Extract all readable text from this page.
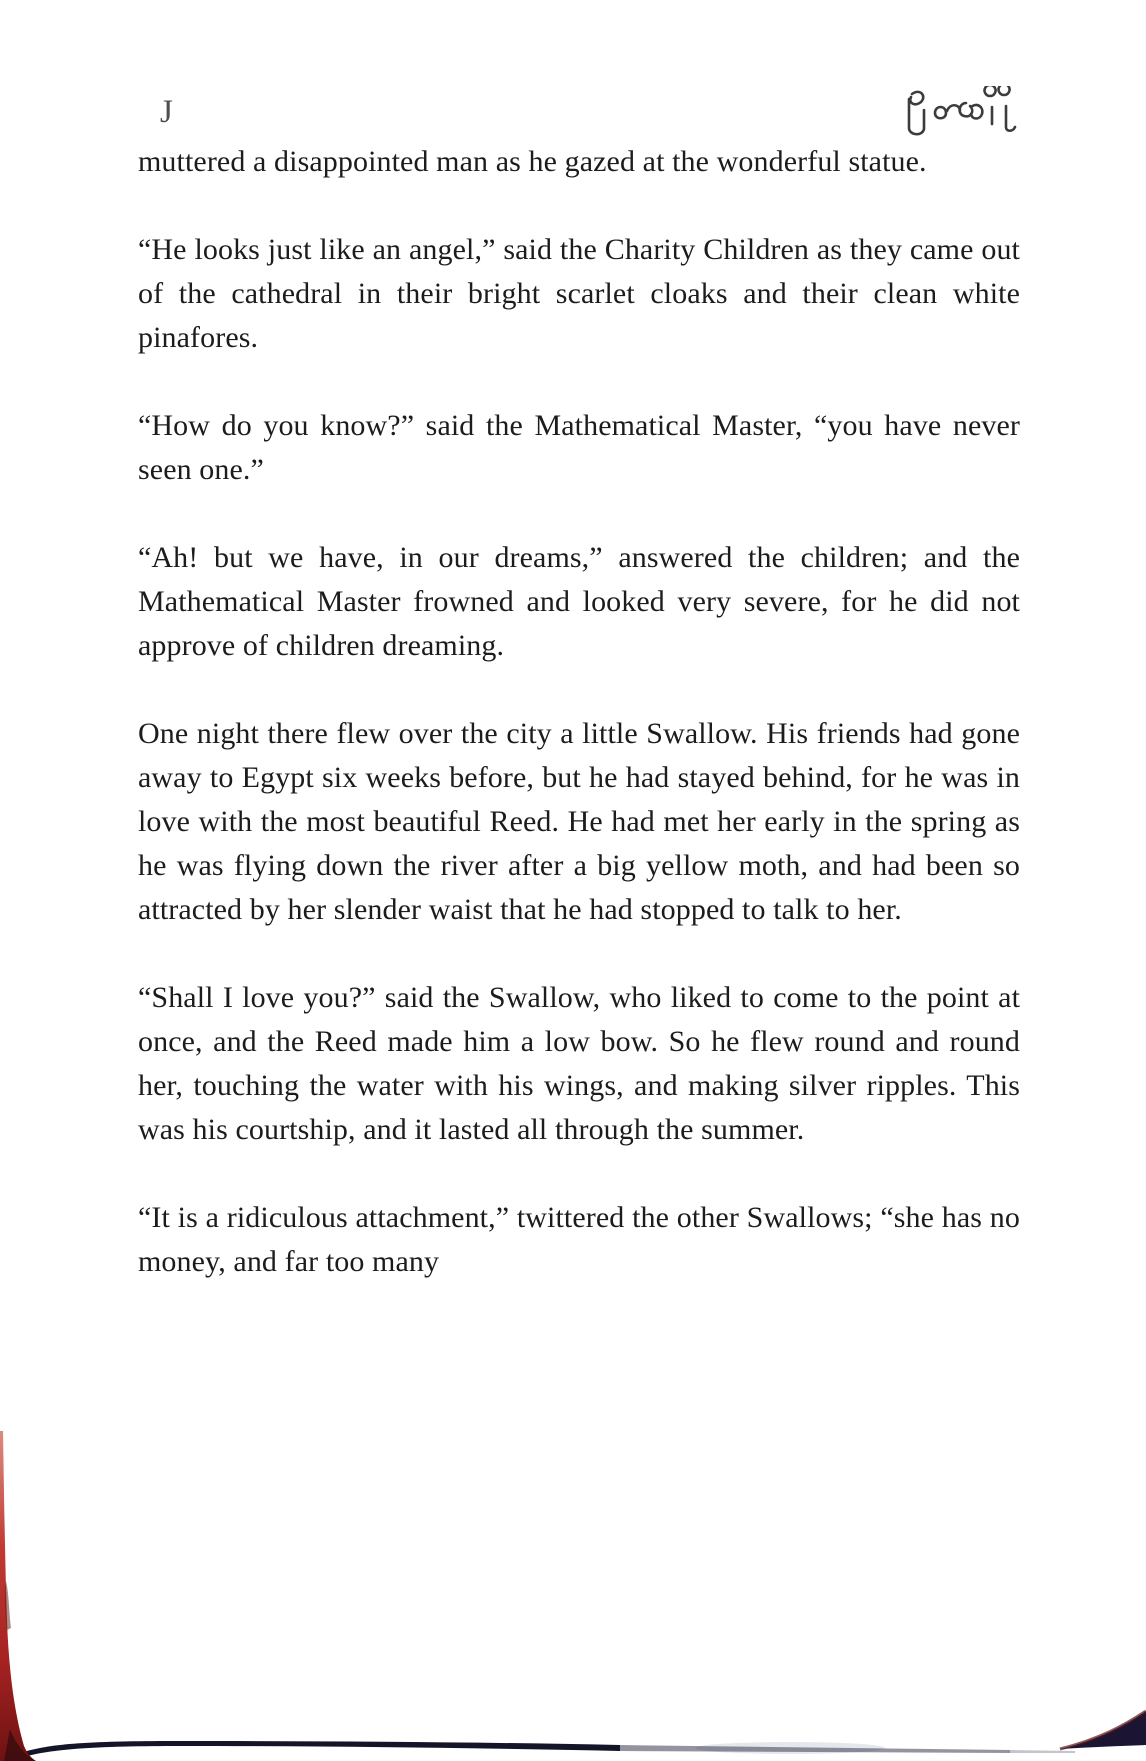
J

muttered a disappointed man as he gazed at the wonderful statue.

“He looks just like an angel,” said the Charity Children as they came out of the cathedral in their bright scarlet cloaks and their clean white pinafores.

“How do you know?” said the Mathematical Master, “you have never seen one.”

“Ah! but we have, in our dreams,” answered the children; and the Mathematical Master frowned and looked very severe, for he did not approve of children dreaming.

One night there flew over the city a little Swallow. His friends had gone away to Egypt six weeks before, but he had stayed behind, for he was in love with the most beautiful Reed. He had met her early in the spring as he was flying down the river after a big yellow moth, and had been so attracted by her slender waist that he had stopped to talk to her.

“Shall I love you?” said the Swallow, who liked to come to the point at once, and the Reed made him a low bow. So he flew round and round her, touching the water with his wings, and making silver ripples. This was his courtship, and it lasted all through the summer.

“It is a ridiculous attachment,” twittered the other Swallows; “she has no money, and far too many
